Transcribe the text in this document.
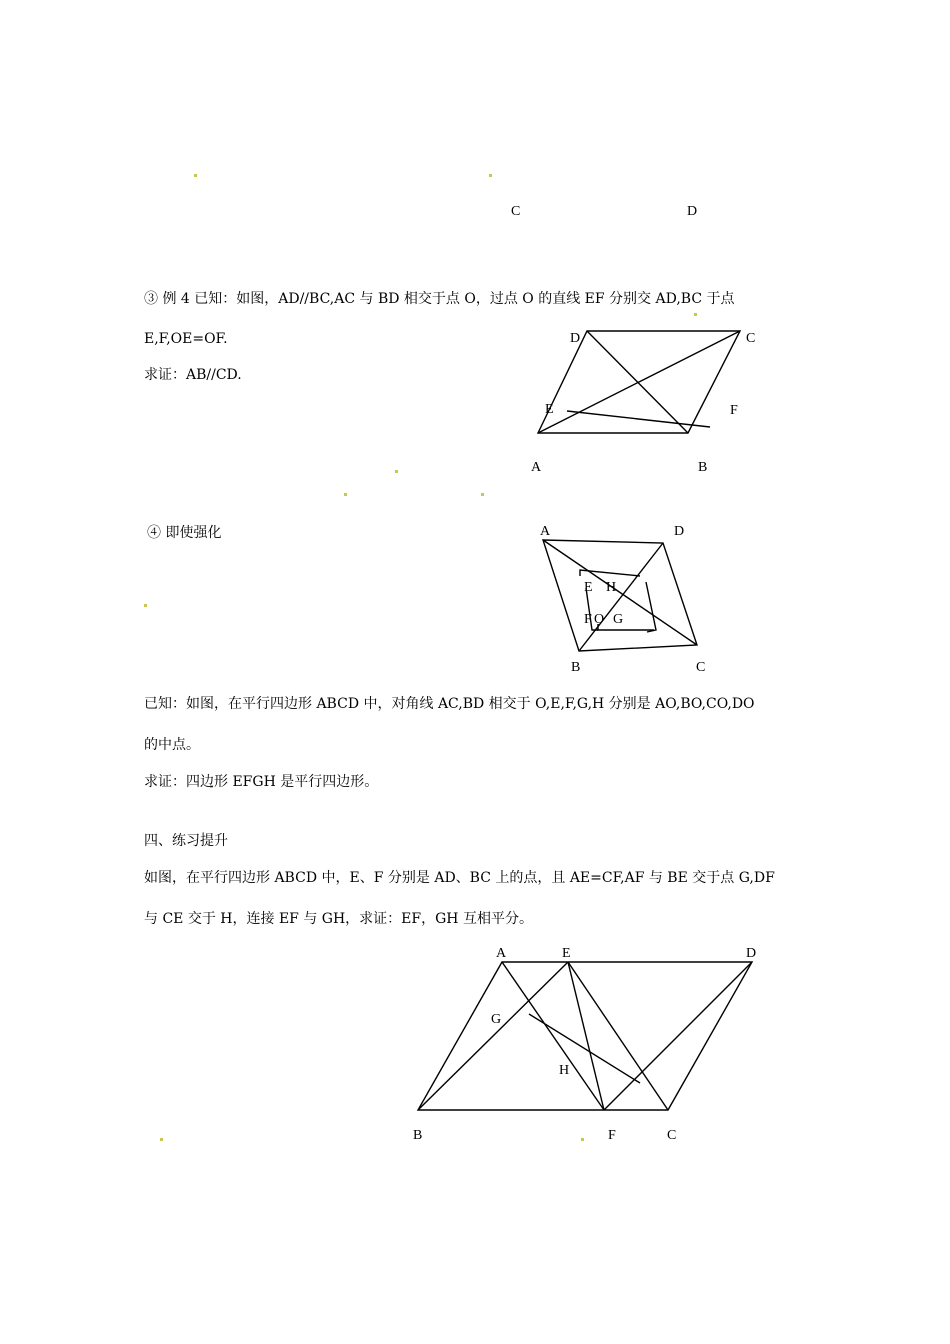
C	D
③ 例 4 已知：如图，AD//BC,AC 与 BD 相交于点 O，过点 O 的直线 EF 分别交 AD,BC 于点
E,F,OE=OF.
求证：AB//CD.
D	C
E	F
A	B
④ 即使强化	A	D
E H
F O G
B	C
已知：如图，在平行四边形 ABCD 中，对角线 AC,BD 相交于 O,E,F,G,H 分别是 AO,BO,CO,DO
的中点。
求证：四边形 EFGH 是平行四边形。
四、练习提升
如图，在平行四边形 ABCD 中，E、F 分别是 AD、BC 上的点，且 AE=CF,AF 与 BE 交于点 G,DF
与 CE 交于 H，连接 EF 与 GH，求证：EF，GH 互相平分。
A	E	D
G
H
B	F	C
